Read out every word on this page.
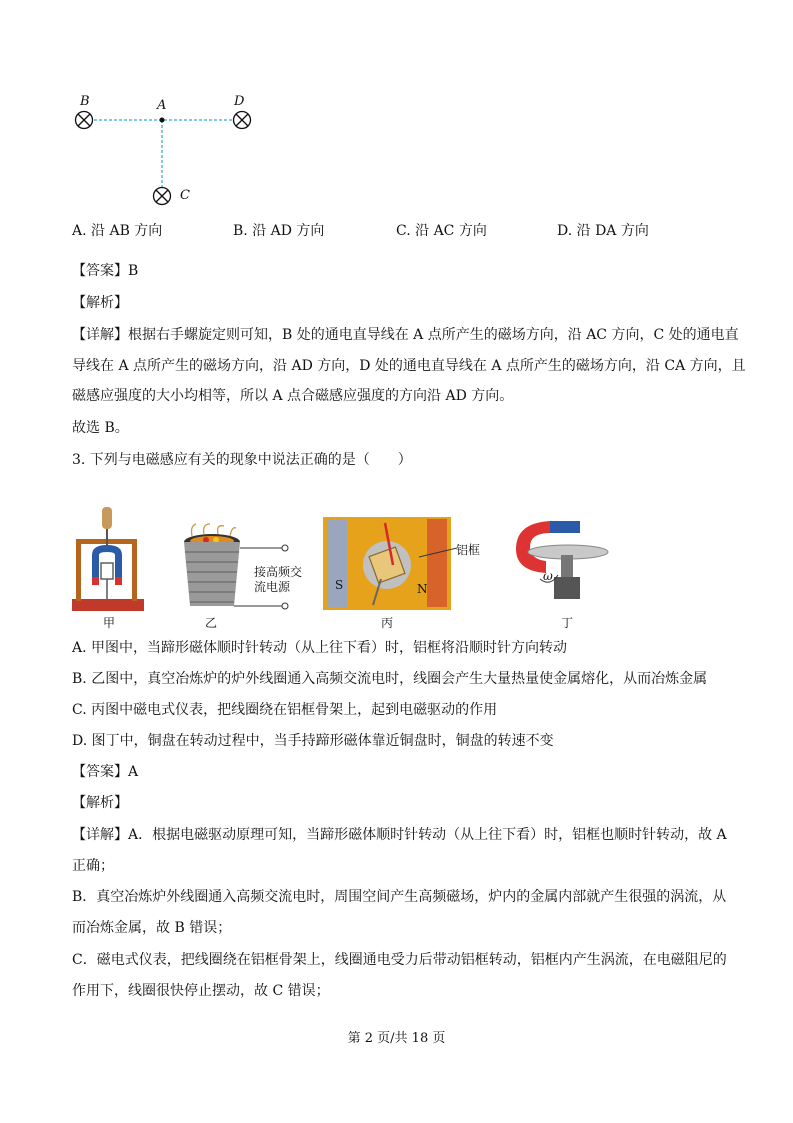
B	A	D
C
A. 沿 AB 方向	B. 沿 AD 方向	C. 沿 AC 方向	D. 沿 DA 方向
【答案】B
【解析】
【详解】根据右手螺旋定则可知，B 处的通电直导线在 A 点所产生的磁场方向，沿 AC 方向，C 处的通电直
导线在 A 点所产生的磁场方向，沿 AD 方向，D 处的通电直导线在 A 点所产生的磁场方向，沿 CA 方向，且
磁感应强度的大小均相等，所以 A 点合磁感应强度的方向沿 AD 方向。
故选 B。
3. 下列与电磁感应有关的现象中说法正确的是（　　）
甲
接高频交
流电源
乙
S	N
铝框
丙
ω
丁
A. 甲图中，当蹄形磁体顺时针转动（从上往下看）时，铝框将沿顺时针方向转动
B. 乙图中，真空冶炼炉的炉外线圈通入高频交流电时，线圈会产生大量热量使金属熔化，从而冶炼金属
C. 丙图中磁电式仪表，把线圈绕在铝框骨架上，起到电磁驱动的作用
D. 图丁中，铜盘在转动过程中，当手持蹄形磁体靠近铜盘时，铜盘的转速不变
【答案】A
【解析】
【详解】A．根据电磁驱动原理可知，当蹄形磁体顺时针转动（从上往下看）时，铝框也顺时针转动，故 A
正确；
B．真空冶炼炉外线圈通入高频交流电时，周围空间产生高频磁场，炉内的金属内部就产生很强的涡流，从
而冶炼金属，故 B 错误；
C．磁电式仪表，把线圈绕在铝框骨架上，线圈通电受力后带动铝框转动，铝框内产生涡流，在电磁阻尼的
作用下，线圈很快停止摆动，故 C 错误；
第 2 页/共 18 页
